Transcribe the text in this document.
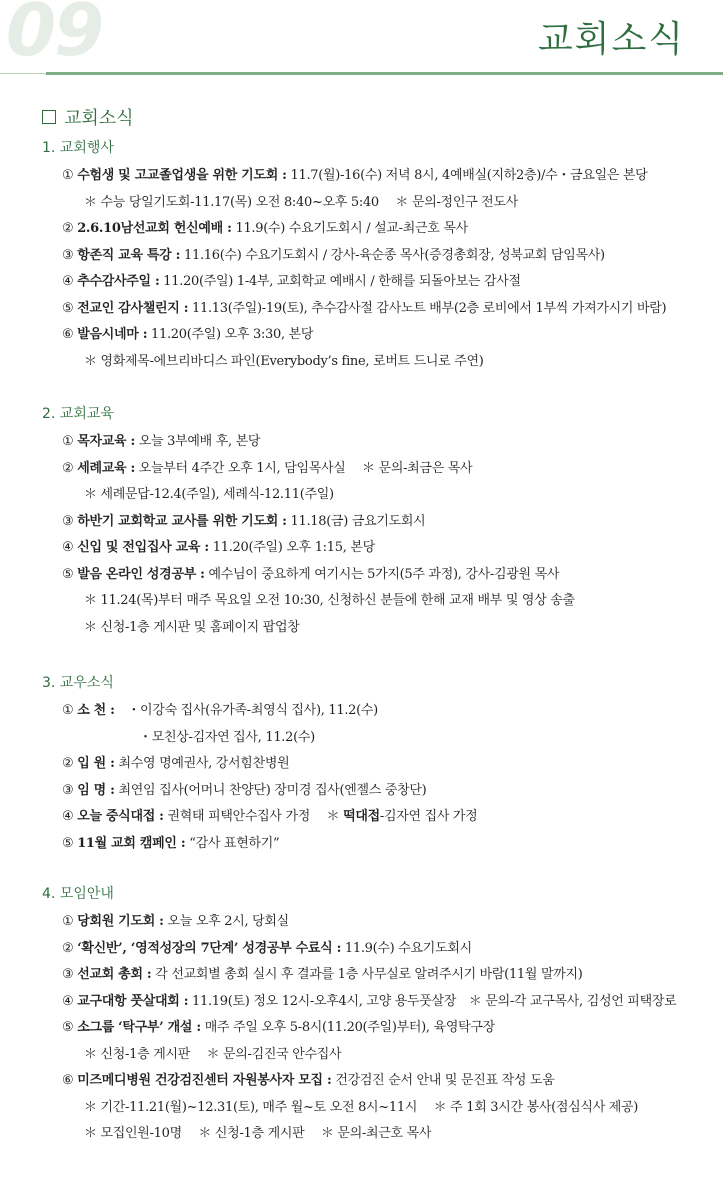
09	교회소식
교회소식
1. 교회행사
① 수험생 및 고교졸업생을 위한 기도회 : 11.7(월)-16(수) 저녁 8시, 4예배실(지하2층)/수・금요일은 본당
＊ 수능 당일기도회-11.17(목) 오전 8:40~오후 5:40　 ＊ 문의-정인구 전도사
② 2.6.10남선교회 헌신예배 : 11.9(수) 수요기도회시 / 설교-최근호 목사
③ 항존직 교육 특강 : 11.16(수) 수요기도회시 / 강사-육순종 목사(증경총회장, 성북교회 담임목사)
④ 추수감사주일 : 11.20(주일) 1-4부, 교회학교 예배시 / 한해를 되돌아보는 감사절
⑤ 전교인 감사챌린지 : 11.13(주일)-19(토), 추수감사절 감사노트 배부(2층 로비에서 1부씩 가져가시기 바람)
⑥ 발음시네마 : 11.20(주일) 오후 3:30, 본당
＊ 영화제목-에브리바디스 파인(Everybody’s fine, 로버트 드니로 주연)
2. 교회교육
① 목자교육 : 오늘 3부예배 후, 본당
② 세례교육 : 오늘부터 4주간 오후 1시, 담임목사실　 ＊ 문의-최금은 목사
＊ 세례문답-12.4(주일), 세례식-12.11(주일)
③ 하반기 교회학교 교사를 위한 기도회 : 11.18(금) 금요기도회시
④ 신입 및 전입집사 교육 : 11.20(주일) 오후 1:15, 본당
⑤ 발음 온라인 성경공부 : 예수님이 중요하게 여기시는 5가지(5주 과정), 강사-김광원 목사
＊ 11.24(목)부터 매주 목요일 오전 10:30, 신청하신 분들에 한해 교재 배부 및 영상 송출
＊ 신청-1층 게시판 및 홈페이지 팝업창
3. 교우소식
① 소 천 :　・이강숙 집사(유가족-최영식 집사), 11.2(수)
・모친상-김자연 집사, 11.2(수)
② 입 원 : 최수영 명예권사, 강서힘찬병원
③ 임 명 : 최연임 집사(어머니 찬양단) 장미경 집사(엔젤스 중창단)
④ 오늘 중식대접 : 권혁태 피택안수집사 가정　 ＊ 떡대접-김자연 집사 가정
⑤ 11월 교회 캠페인 : “감사 표현하기”
4. 모임안내
① 당회원 기도회 : 오늘 오후 2시, 당회실
② ‘확신반’, ‘영적성장의 7단계’ 성경공부 수료식 : 11.9(수) 수요기도회시
③ 선교회 총회 : 각 선교회별 총회 실시 후 결과를 1층 사무실로 알려주시기 바람(11월 말까지)
④ 교구대항 풋살대회 : 11.19(토) 정오 12시-오후4시, 고양 용두풋살장　＊ 문의-각 교구목사, 김성언 피택장로
⑤ 소그룹 ‘탁구부’ 개설 : 매주 주일 오후 5-8시(11.20(주일)부터), 육영탁구장
＊ 신청-1층 게시판　 ＊ 문의-김진국 안수집사
⑥ 미즈메디병원 건강검진센터 자원봉사자 모집 : 건강검진 순서 안내 및 문진표 작성 도움
＊ 기간-11.21(월)~12.31(토), 매주 월~토 오전 8시~11시　 ＊ 주 1회 3시간 봉사(점심식사 제공)
＊ 모집인원-10명　 ＊ 신청-1층 게시판　 ＊ 문의-최근호 목사
